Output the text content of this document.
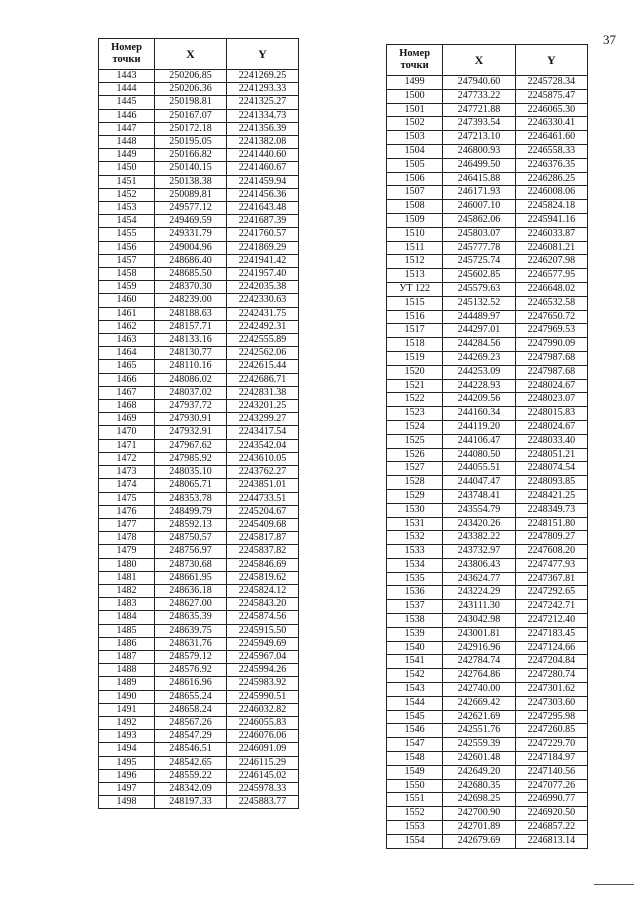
37
Номер
точки	X	Y
1443	250206.85	2241269.25
1444	250206.36	2241293.33
1445	250198.81	2241325.27
1446	250167.07	2241334.73
1447	250172.18	2241356.39
1448	250195.05	2241382.08
1449	250166.82	2241440.60
1450	250140.15	2241460.67
1451	250138.38	2241459.94
1452	250089.81	2241456.36
1453	249577.12	2241643.48
1454	249469.59	2241687.39
1455	249331.79	2241760.57
1456	249004.96	2241869.29
1457	248686.40	2241941.42
1458	248685.50	2241957.40
1459	248370.30	2242035.38
1460	248239.00	2242330.63
1461	248188.63	2242431.75
1462	248157.71	2242492.31
1463	248133.16	2242555.89
1464	248130.77	2242562.06
1465	248110.16	2242615.44
1466	248086.02	2242686.71
1467	248037.02	2242831.38
1468	247937.72	2243201.25
1469	247930.91	2243299.27
1470	247932.91	2243417.54
1471	247967.62	2243542.04
1472	247985.92	2243610.05
1473	248035.10	2243762.27
1474	248065.71	2243851.01
1475	248353.78	2244733.51
1476	248499.79	2245204.67
1477	248592.13	2245409.68
1478	248750.57	2245817.87
1479	248756.97	2245837.82
1480	248730.68	2245846.69
1481	248661.95	2245819.62
1482	248636.18	2245824.12
1483	248627.00	2245843.20
1484	248635.39	2245874.56
1485	248639.75	2245915.50
1486	248631.76	2245949.69
1487	248579.12	2245967.04
1488	248576.92	2245994.26
1489	248616.96	2245983.92
1490	248655.24	2245990.51
1491	248658.24	2246032.82
1492	248567.26	2246055.83
1493	248547.29	2246076.06
1494	248546.51	2246091.09
1495	248542.65	2246115.29
1496	248559.22	2246145.02
1497	248342.09	2245978.33
1498	248197.33	2245883.77
Номер
точки	X	Y
1499	247940.60	2245728.34
1500	247733.22	2245875.47
1501	247721.88	2246065.30
1502	247393.54	2246330.41
1503	247213.10	2246461.60
1504	246800.93	2246558.33
1505	246499.50	2246376.35
1506	246415.88	2246286.25
1507	246171.93	2246008.06
1508	246007.10	2245824.18
1509	245862.06	2245941.16
1510	245803.07	2246033.87
1511	245777.78	2246081.21
1512	245725.74	2246207.98
1513	245602.85	2246577.95
УТ 122	245579.63	2246648.02
1515	245132.52	2246532.58
1516	244489.97	2247650.72
1517	244297.01	2247969.53
1518	244284.56	2247990.09
1519	244269.23	2247987.68
1520	244253.09	2247987.68
1521	244228.93	2248024.67
1522	244209.56	2248023.07
1523	244160.34	2248015.83
1524	244119.20	2248024.67
1525	244106.47	2248033.40
1526	244080.50	2248051.21
1527	244055.51	2248074.54
1528	244047.47	2248093.85
1529	243748.41	2248421.25
1530	243554.79	2248349.73
1531	243420.26	2248151.80
1532	243382.22	2247809.27
1533	243732.97	2247608.20
1534	243806.43	2247477.93
1535	243624.77	2247367.81
1536	243224.29	2247292.65
1537	243111.30	2247242.71
1538	243042.98	2247212.40
1539	243001.81	2247183.45
1540	242916.96	2247124.66
1541	242784.74	2247204.84
1542	242764.86	2247280.74
1543	242740.00	2247301.62
1544	242669.42	2247303.60
1545	242621.69	2247295.98
1546	242551.76	2247260.85
1547	242559.39	2247229.70
1548	242601.48	2247184.97
1549	242649.20	2247140.56
1550	242680.35	2247077.26
1551	242698.25	2246990.77
1552	242700.90	2246920.50
1553	242701.89	2246857.22
1554	242679.69	2246813.14
